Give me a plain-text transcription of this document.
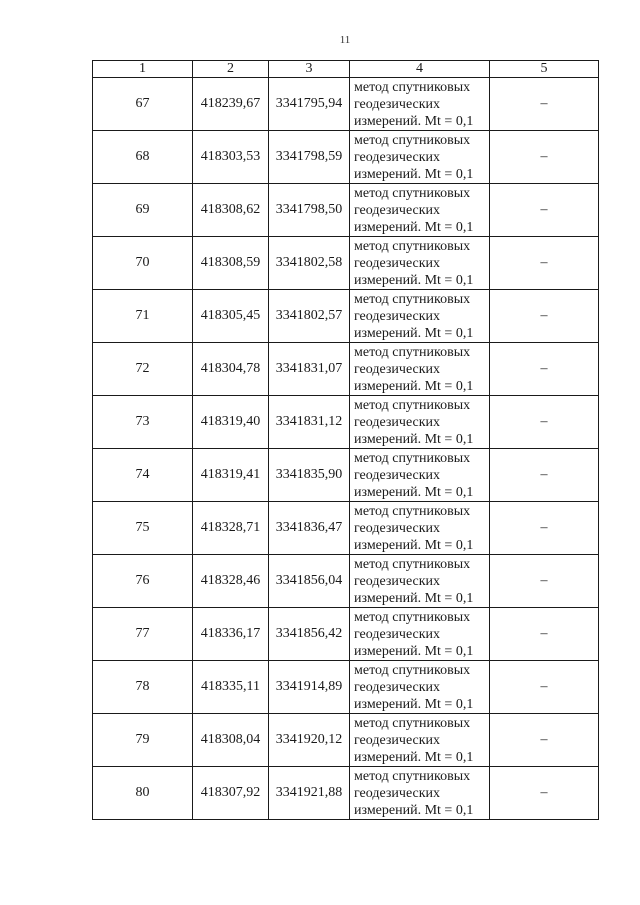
11
1	2	3	4	5
67	418239,67	3341795,94	метод спутниковых
геодезических
измерений. Mt = 0,1	–
68	418303,53	3341798,59	метод спутниковых
геодезических
измерений. Mt = 0,1	–
69	418308,62	3341798,50	метод спутниковых
геодезических
измерений. Mt = 0,1	–
70	418308,59	3341802,58	метод спутниковых
геодезических
измерений. Mt = 0,1	–
71	418305,45	3341802,57	метод спутниковых
геодезических
измерений. Mt = 0,1	–
72	418304,78	3341831,07	метод спутниковых
геодезических
измерений. Mt = 0,1	–
73	418319,40	3341831,12	метод спутниковых
геодезических
измерений. Mt = 0,1	–
74	418319,41	3341835,90	метод спутниковых
геодезических
измерений. Mt = 0,1	–
75	418328,71	3341836,47	метод спутниковых
геодезических
измерений. Mt = 0,1	–
76	418328,46	3341856,04	метод спутниковых
геодезических
измерений. Mt = 0,1	–
77	418336,17	3341856,42	метод спутниковых
геодезических
измерений. Mt = 0,1	–
78	418335,11	3341914,89	метод спутниковых
геодезических
измерений. Mt = 0,1	–
79	418308,04	3341920,12	метод спутниковых
геодезических
измерений. Mt = 0,1	–
80	418307,92	3341921,88	метод спутниковых
геодезических
измерений. Mt = 0,1	–
